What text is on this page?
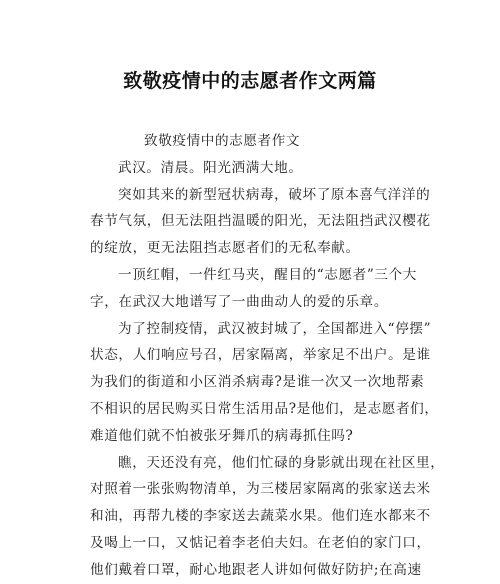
致敬疫情中的志愿者作文两篇
致敬疫情中的志愿者作文
武汉。清晨。阳光洒满大地。
突如其来的新型冠状病毒，破坏了原本喜气洋洋的
春节气氛，但无法阻挡温暖的阳光，无法阻挡武汉樱花
的绽放，更无法阻挡志愿者们的无私奉献。
一顶红帽，一件红马夹，醒目的“志愿者”三个大
字，在武汉大地谱写了一曲曲动人的爱的乐章。
为了控制疫情，武汉被封城了，全国都进入“停摆”
状态，人们响应号召，居家隔离，举家足不出户。是谁
为我们的街道和小区消杀病毒?是谁一次又一次地帮素
不相识的居民购买日常生活用品?是他们，是志愿者们，
难道他们就不怕被张牙舞爪的病毒抓住吗?
瞧，天还没有亮，他们忙碌的身影就出现在社区里，
对照着一张张购物清单，为三楼居家隔离的张家送去米
和油，再帮九楼的李家送去蔬菜水果。他们连水都来不
及喝上一口，又惦记着李老伯夫妇。在老伯的家门口，
他们戴着口罩，耐心地跟老人讲如何做好防护;在高速
